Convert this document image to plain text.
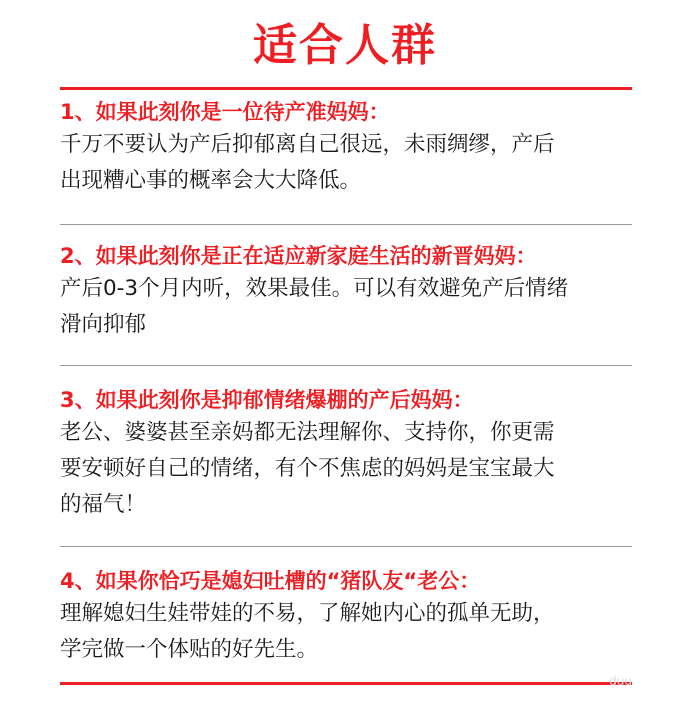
适合人群
1、如果此刻你是一位待产准妈妈：
千万不要认为产后抑郁离自己很远，未雨绸缪，产后
出现糟心事的概率会大大降低。
2、如果此刻你是正在适应新家庭生活的新晋妈妈：
产后0-3个月内听，效果最佳。可以有效避免产后情绪
滑向抑郁
3、如果此刻你是抑郁情绪爆棚的产后妈妈：
老公、婆婆甚至亲妈都无法理解你、支持你，你更需
要安顿好自己的情绪，有个不焦虑的妈妈是宝宝最大
的福气！
4、如果你恰巧是媳妇吐槽的“猪队友“老公：
理解媳妇生娃带娃的不易，了解她内心的孤单无助，
学完做一个体贴的好先生。
duu
